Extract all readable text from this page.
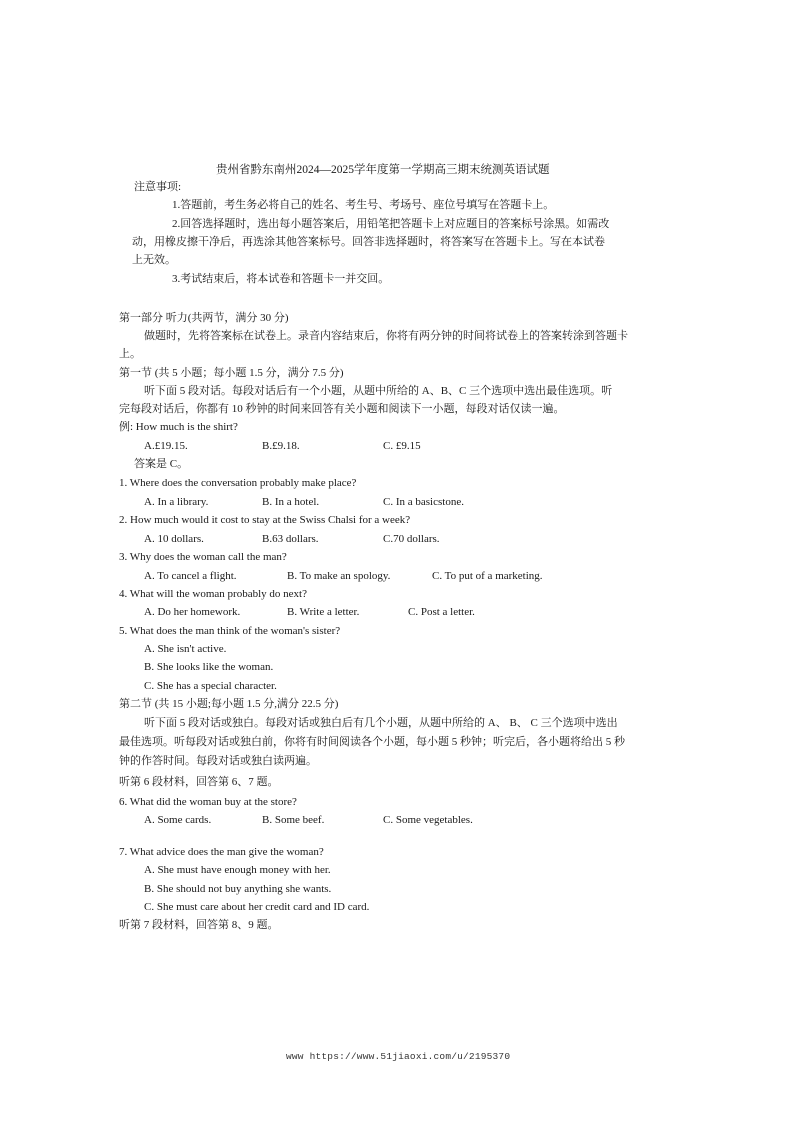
贵州省黔东南州2024—2025学年度第一学期高三期末统测英语试题
注意事项:
1.答题前，考生务必将自己的姓名、考生号、考场号、座位号填写在答题卡上。
2.回答选择题时，选出每小题答案后，用铅笔把答题卡上对应题目的答案标号涂黑。如需改
动，用橡皮擦干净后，再选涂其他答案标号。回答非选择题时，将答案写在答题卡上。写在本试卷
上无效。
3.考试结束后，将本试卷和答题卡一并交回。
第一部分 听力(共两节，满分 30 分)
做题时，先将答案标在试卷上。录音内容结束后，你将有两分钟的时间将试卷上的答案转涂到答题卡
上。
第一节 (共 5 小题；每小题 1.5 分，满分 7.5 分)
听下面 5 段对话。每段对话后有一个小题，从题中所给的 A、B、C 三个选项中选出最佳选项。听
完每段对话后，你都有 10 秒钟的时间来回答有关小题和阅读下一小题，每段对话仅读一遍。
例: How much is the shirt?
A.£19.15.	B.£9.18.	C. £9.15
答案是 C。
1. Where does the conversation probably make place?
A. In a library.	B. In a hotel.	C. In a basicstone.
2. How much would it cost to stay at the Swiss Chalsi for a week?
A. 10 dollars.	B.63 dollars.	C.70 dollars.
3. Why does the woman call the man?
A. To cancel a flight.	B. To make an spology.	C. To put of a marketing.
4. What will the woman probably do next?
A. Do her homework.	B. Write a letter.	C. Post a letter.
5. What does the man think of the woman's sister?
A. She isn't active.
B. She looks like the woman.
C. She has a special character.
第二节 (共 15 小题;每小题 1.5 分,满分 22.5 分)
听下面 5 段对话或独白。每段对话或独白后有几个小题，从题中所给的 A、 B、 C 三个选项中选出
最佳选项。听每段对话或独白前，你将有时间阅读各个小题，每小题 5 秒钟；听完后，各小题将给出 5 秒
钟的作答时间。每段对话或独白读两遍。
听第 6 段材料，回答第 6、7 题。
6. What did the woman buy at the store?
A. Some cards.	B. Some beef.	C. Some vegetables.
7. What advice does the man give the woman?
A. She must have enough money with her.
B. She should not buy anything she wants.
C. She must care about her credit card and ID card.
听第 7 段材料，回答第 8、9 题。
www https://www.51jiaoxi.com/u/2195370
